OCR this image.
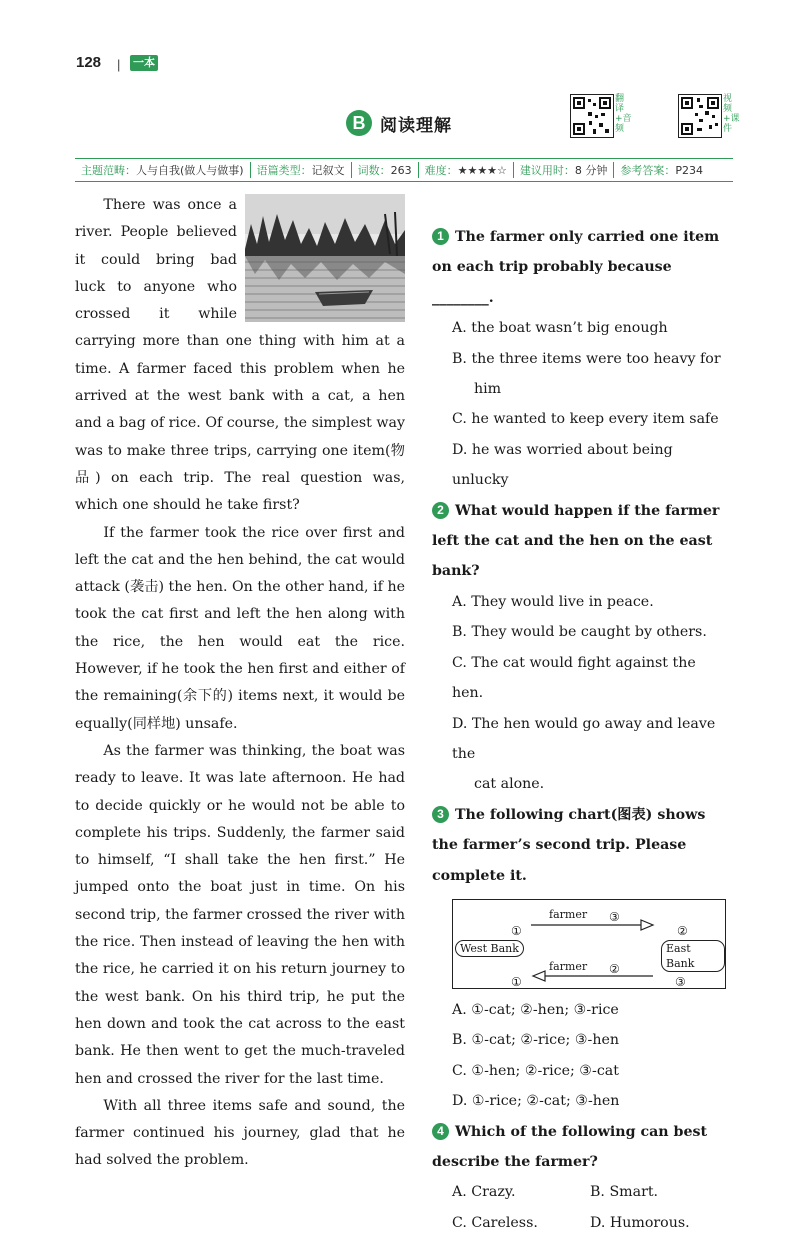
128 | 一本
B 阅读理解
翻译+音频
视频+课件
主题范畴：人与自我(做人与做事)	语篇类型：记叙文	词数：263	难度：★★★★☆	建议用时：8 分钟	参考答案：P234

There was once a river. People believed it could bring bad luck to anyone who crossed it while carrying more than one thing with him at a time. A farmer faced this problem when he arrived at the west bank with a cat, a hen and a bag of rice. Of course, the simplest way was to make three trips, carrying one item(物品) on each trip. The real question was, which one should he take first?

If the farmer took the rice over first and left the cat and the hen behind, the cat would attack (袭击) the hen. On the other hand, if he took the cat first and left the hen along with the rice, the hen would eat the rice. However, if he took the hen first and either of the remaining(余下的) items next, it would be equally(同样地) unsafe.

As the farmer was thinking, the boat was ready to leave. It was late afternoon. He had to decide quickly or he would not be able to complete his trips. Suddenly, the farmer said to himself, “I shall take the hen first.” He jumped onto the boat just in time. On his second trip, the farmer crossed the river with the rice. Then instead of leaving the hen with the rice, he carried it on his return journey to the west bank. On his third trip, he put the hen down and took the cat across to the east bank. He then went to get the much-traveled hen and crossed the river for the last time.

With all three items safe and sound, the farmer continued his journey, glad that he had solved the problem.

1 The farmer only carried one item on each trip probably because ________.
A. the boat wasn’t big enough
B. the three items were too heavy for
him
C. he wanted to keep every item safe
D. he was worried about being unlucky
2 What would happen if the farmer left the cat and the hen on the east bank?
A. They would live in peace.
B. They would be caught by others.
C. The cat would fight against the hen.
D. The hen would go away and leave the
cat alone.
3 The following chart(图表) shows the farmer’s second trip. Please complete it.
farmer ③
①	②
West Bank	East Bank
farmer ②
①	③
A. ①-cat; ②-hen; ③-rice
B. ①-cat; ②-rice; ③-hen
C. ①-hen; ②-rice; ③-cat
D. ①-rice; ②-cat; ③-hen
4 Which of the following can best describe the farmer?
A. Crazy.	B. Smart.
C. Careless.	D. Humorous.
